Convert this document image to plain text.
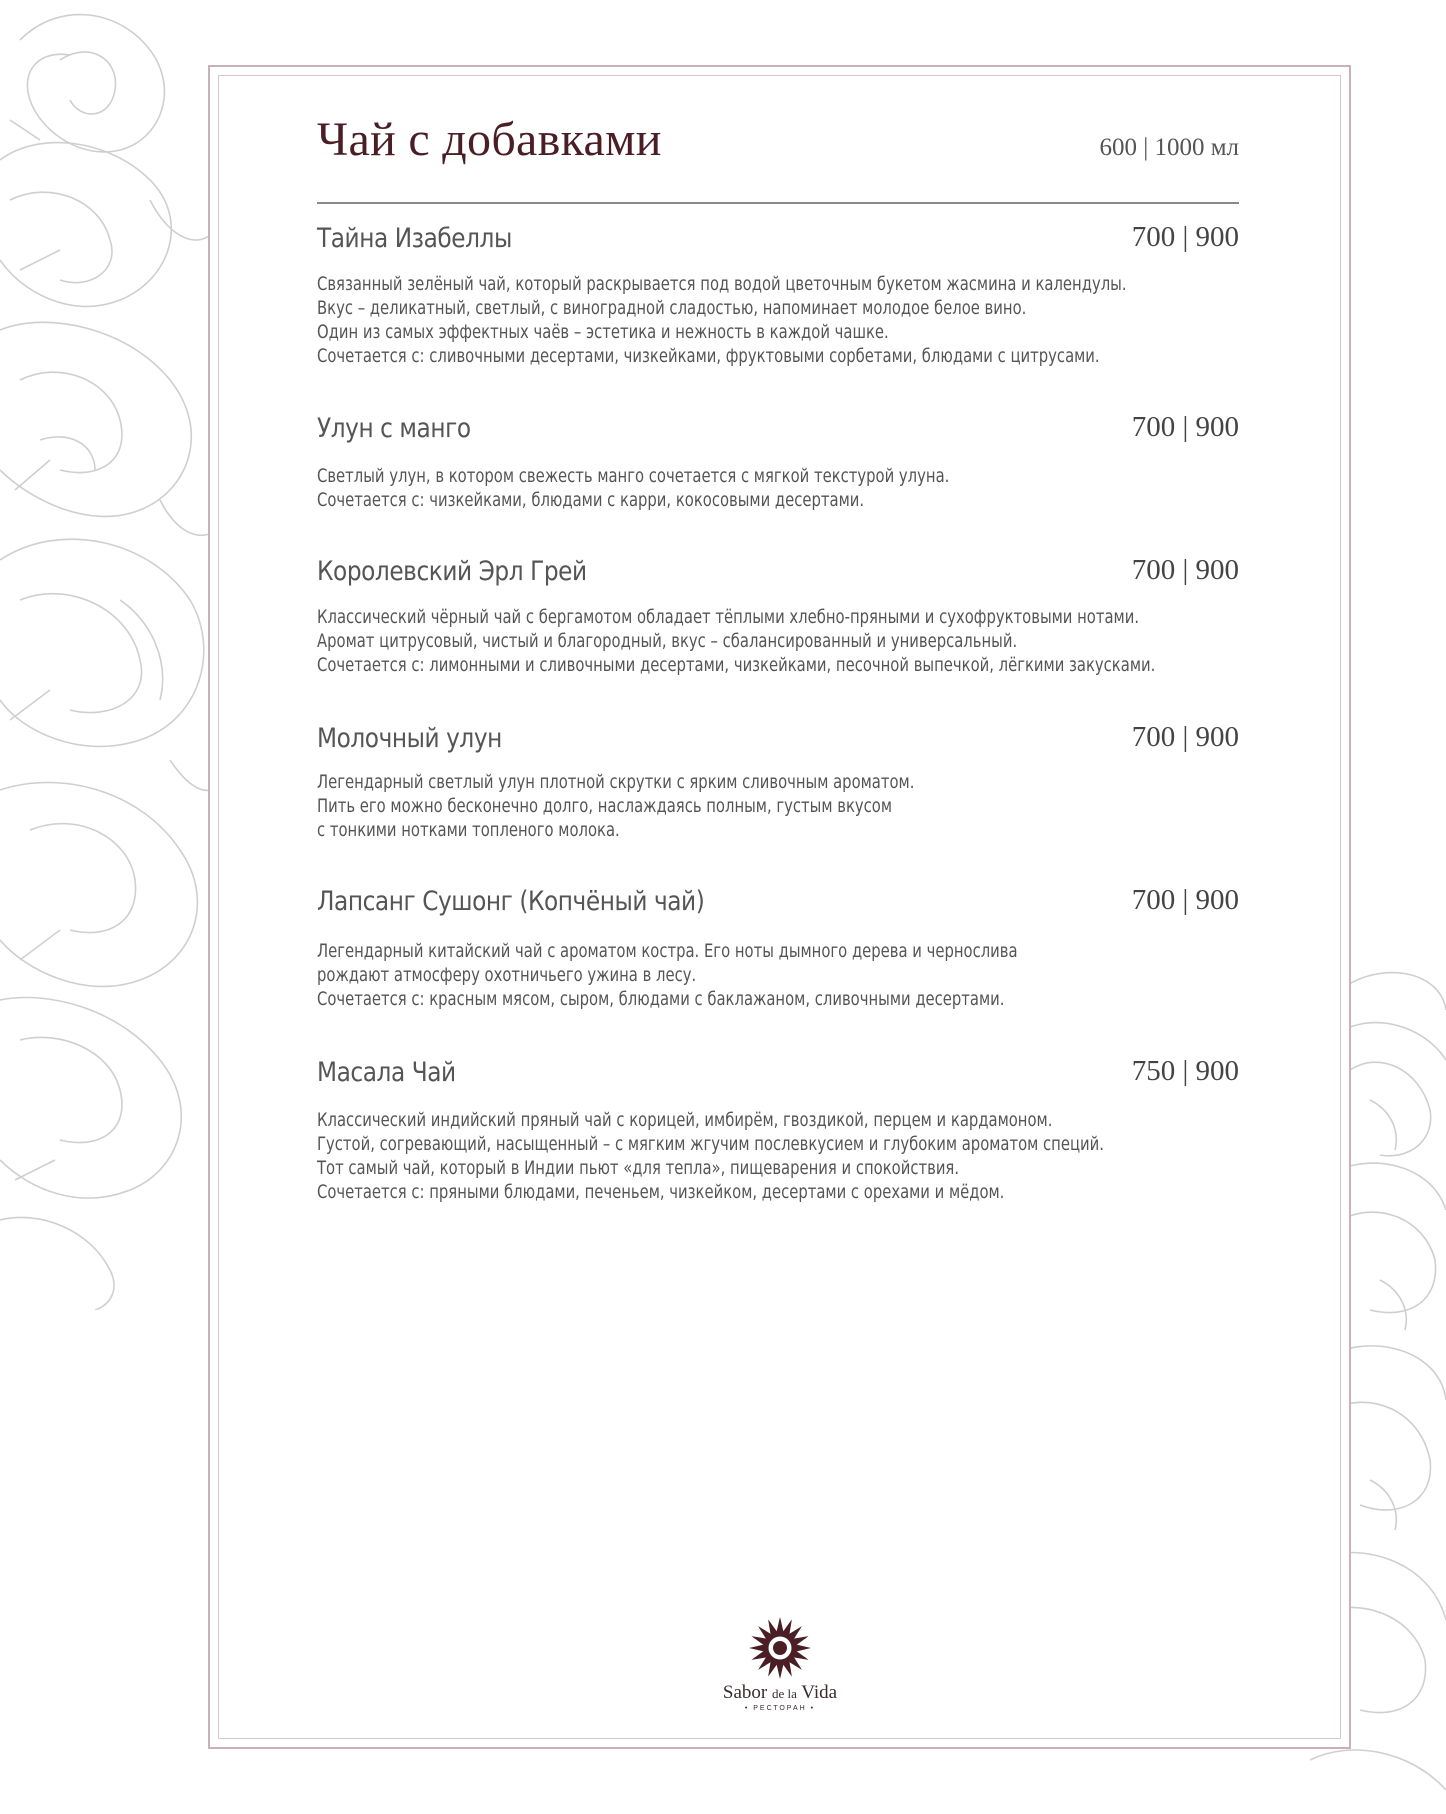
Чай с добавками	600 | 1000 мл
Тайна Изабеллы	700 | 900
Связанный зелёный чай, который раскрывается под водой цветочным букетом жасмина и календулы.
Вкус – деликатный, светлый, с виноградной сладостью, напоминает молодое белое вино.
Один из самых эффектных чаёв – эстетика и нежность в каждой чашке.
Сочетается с: сливочными десертами, чизкейками, фруктовыми сорбетами, блюдами с цитрусами.
Улун с манго	700 | 900
Светлый улун, в котором свежесть манго сочетается с мягкой текстурой улуна.
Сочетается с: чизкейками, блюдами с карри, кокосовыми десертами.
Королевский Эрл Грей	700 | 900
Классический чёрный чай с бергамотом обладает тёплыми хлебно-пряными и сухофруктовыми нотами.
Аромат цитрусовый, чистый и благородный, вкус – сбалансированный и универсальный.
Сочетается с: лимонными и сливочными десертами, чизкейками, песочной выпечкой, лёгкими закусками.
Молочный улун	700 | 900
Легендарный светлый улун плотной скрутки с ярким сливочным ароматом.
Пить его можно бесконечно долго, наслаждаясь полным, густым вкусом
с тонкими нотками топленого молока.
Лапсанг Сушонг (Копчёный чай)	700 | 900
Легендарный китайский чай с ароматом костра. Его ноты дымного дерева и чернослива
рождают атмосферу охотничьего ужина в лесу.
Сочетается с: красным мясом, сыром, блюдами с баклажаном, сливочными десертами.
Масала Чай	750 | 900
Классический индийский пряный чай с корицей, имбирём, гвоздикой, перцем и кардамоном.
Густой, согревающий, насыщенный – с мягким жгучим послевкусием и глубоким ароматом специй.
Тот самый чай, который в Индии пьют «для тепла», пищеварения и спокойствия.
Сочетается с: пряными блюдами, печеньем, чизкейком, десертами с орехами и мёдом.
Sabor de la Vida
• РЕСТОРАН •
